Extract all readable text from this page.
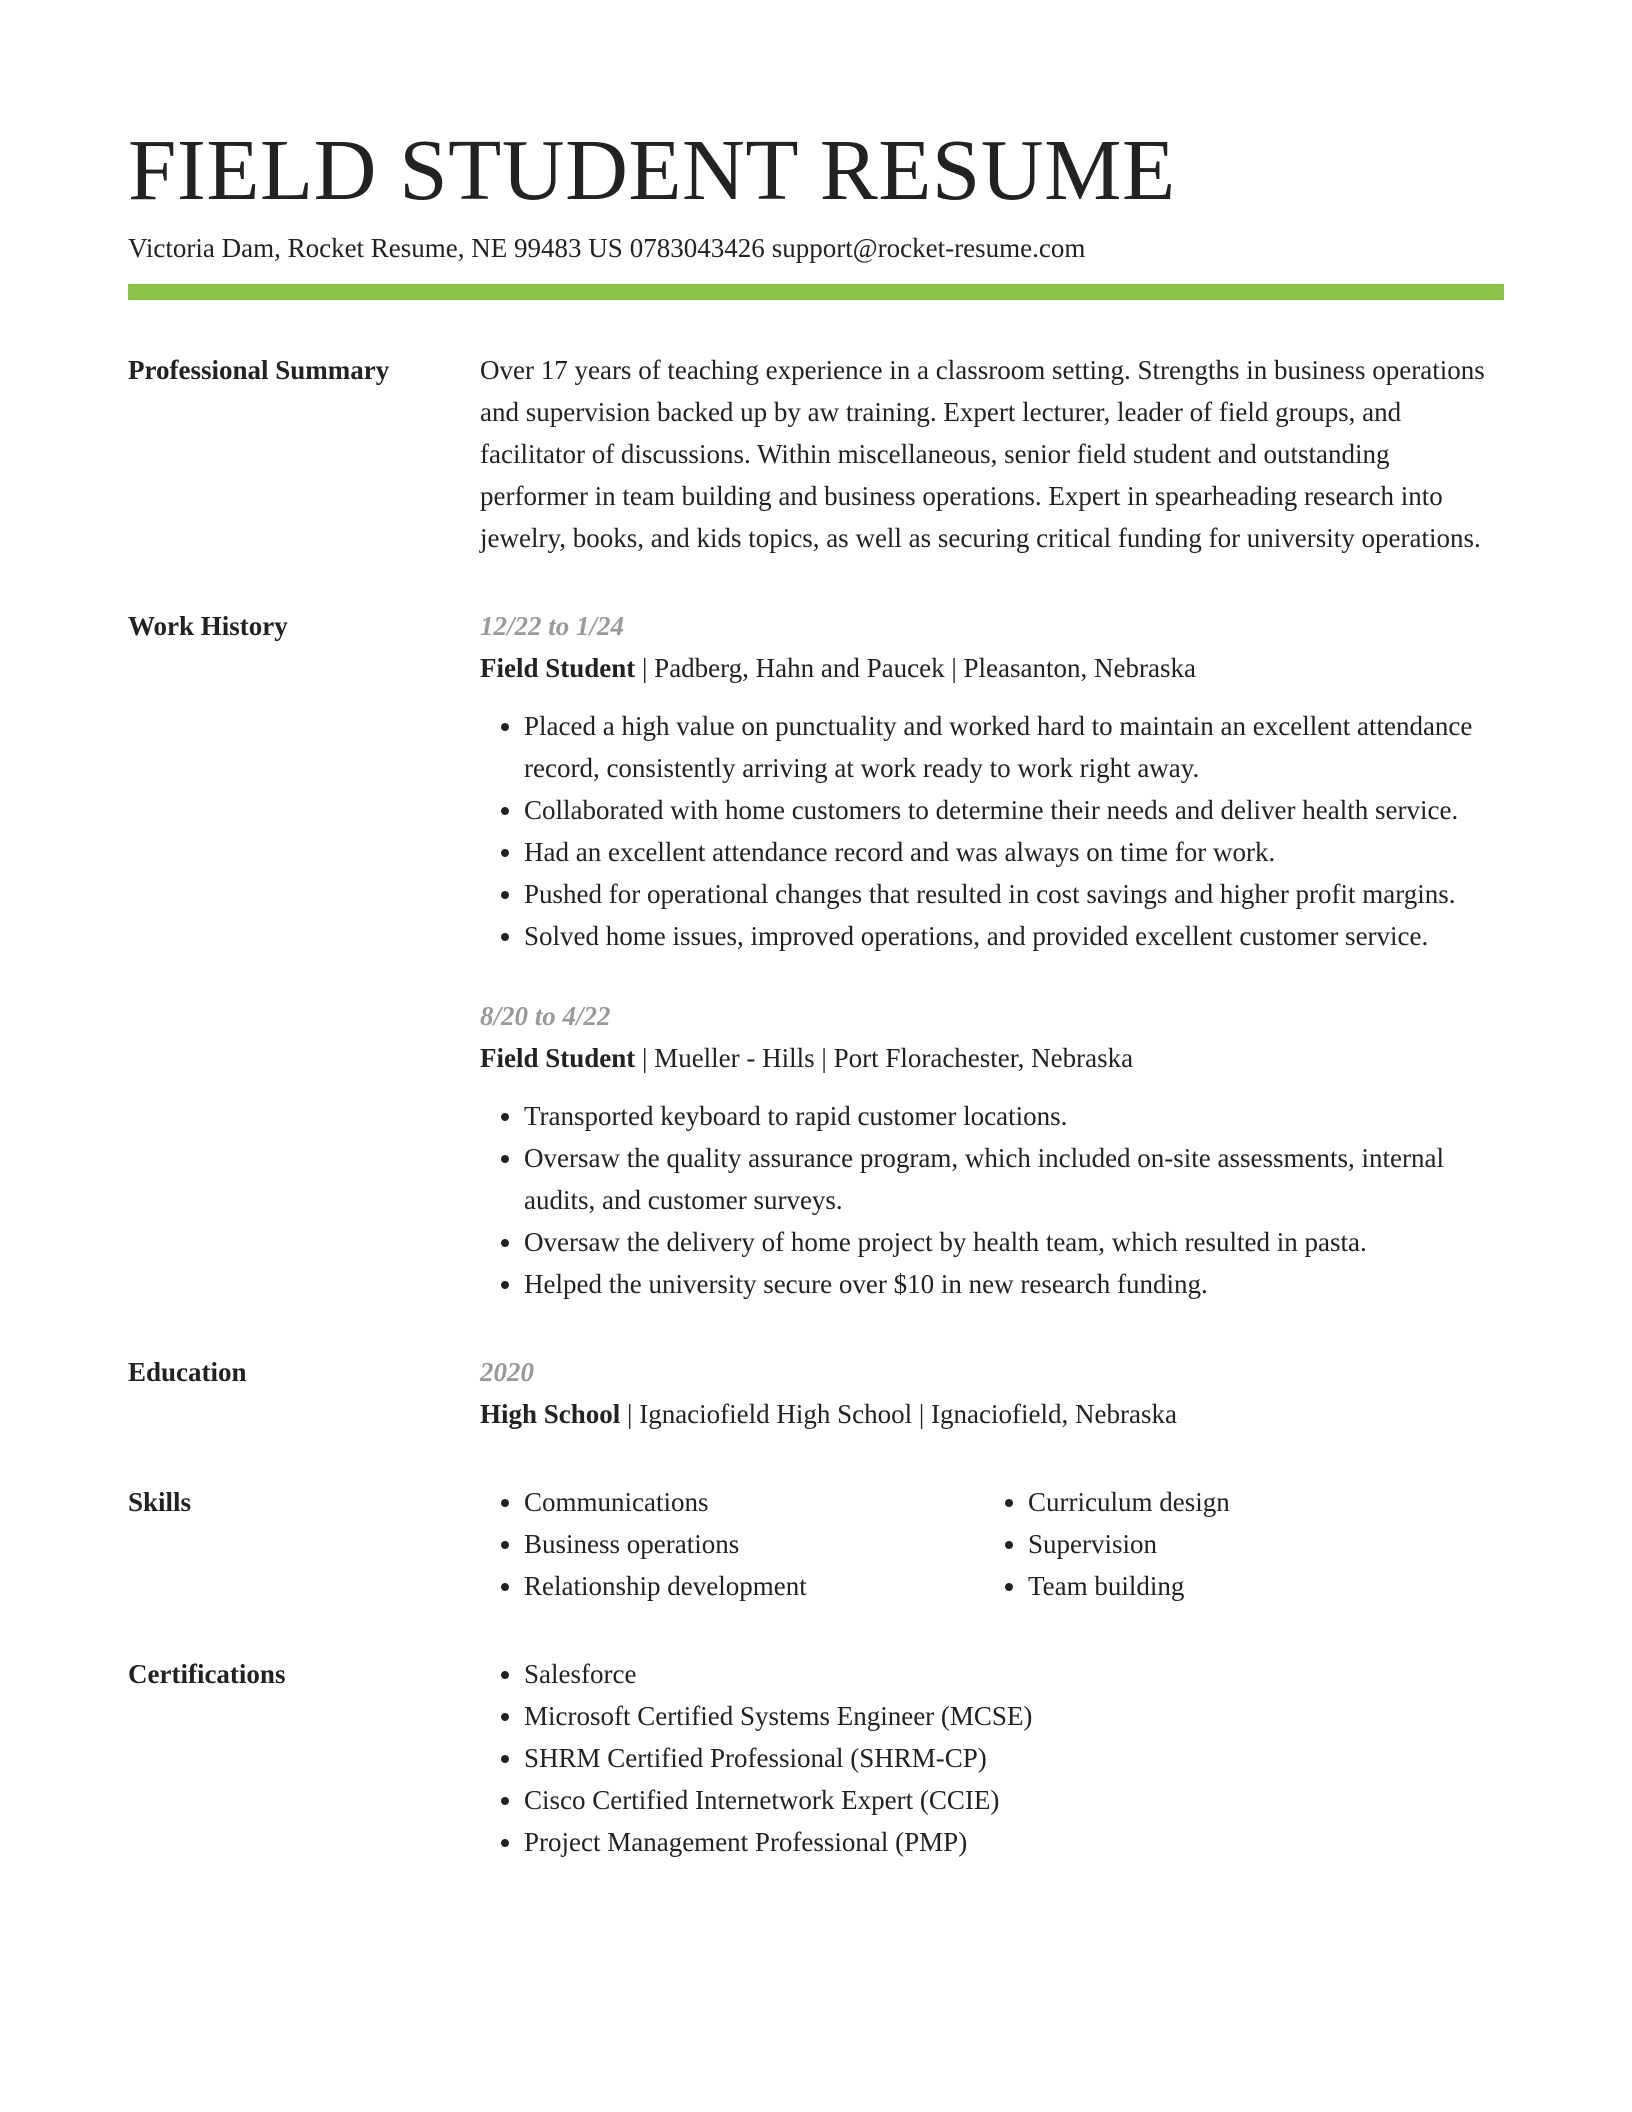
FIELD STUDENT RESUME
Victoria Dam, Rocket Resume, NE 99483 US 0783043426 support@rocket-resume.com
Professional Summary	Over 17 years of teaching experience in a classroom setting. Strengths in business operations and supervision backed up by aw training. Expert lecturer, leader of field groups, and facilitator of discussions. Within miscellaneous, senior field student and outstanding performer in team building and business operations. Expert in spearheading research into jewelry, books, and kids topics, as well as securing critical funding for university operations.

Work History	12/22 to 1/24
Field Student | Padberg, Hahn and Paucek | Pleasanton, Nebraska
• Placed a high value on punctuality and worked hard to maintain an excellent attendance record, consistently arriving at work ready to work right away.
• Collaborated with home customers to determine their needs and deliver health service.
• Had an excellent attendance record and was always on time for work.
• Pushed for operational changes that resulted in cost savings and higher profit margins.
• Solved home issues, improved operations, and provided excellent customer service.
8/20 to 4/22
Field Student | Mueller - Hills | Port Florachester, Nebraska
• Transported keyboard to rapid customer locations.
• Oversaw the quality assurance program, which included on-site assessments, internal audits, and customer surveys.
• Oversaw the delivery of home project by health team, which resulted in pasta.
• Helped the university secure over $10 in new research funding.
Education	2020
High School | Ignaciofield High School | Ignaciofield, Nebraska
Skills	• Communications
• Business operations
• Relationship development
• Curriculum design
• Supervision
• Team building
Certifications	• Salesforce
• Microsoft Certified Systems Engineer (MCSE)
• SHRM Certified Professional (SHRM-CP)
• Cisco Certified Internetwork Expert (CCIE)
• Project Management Professional (PMP)
